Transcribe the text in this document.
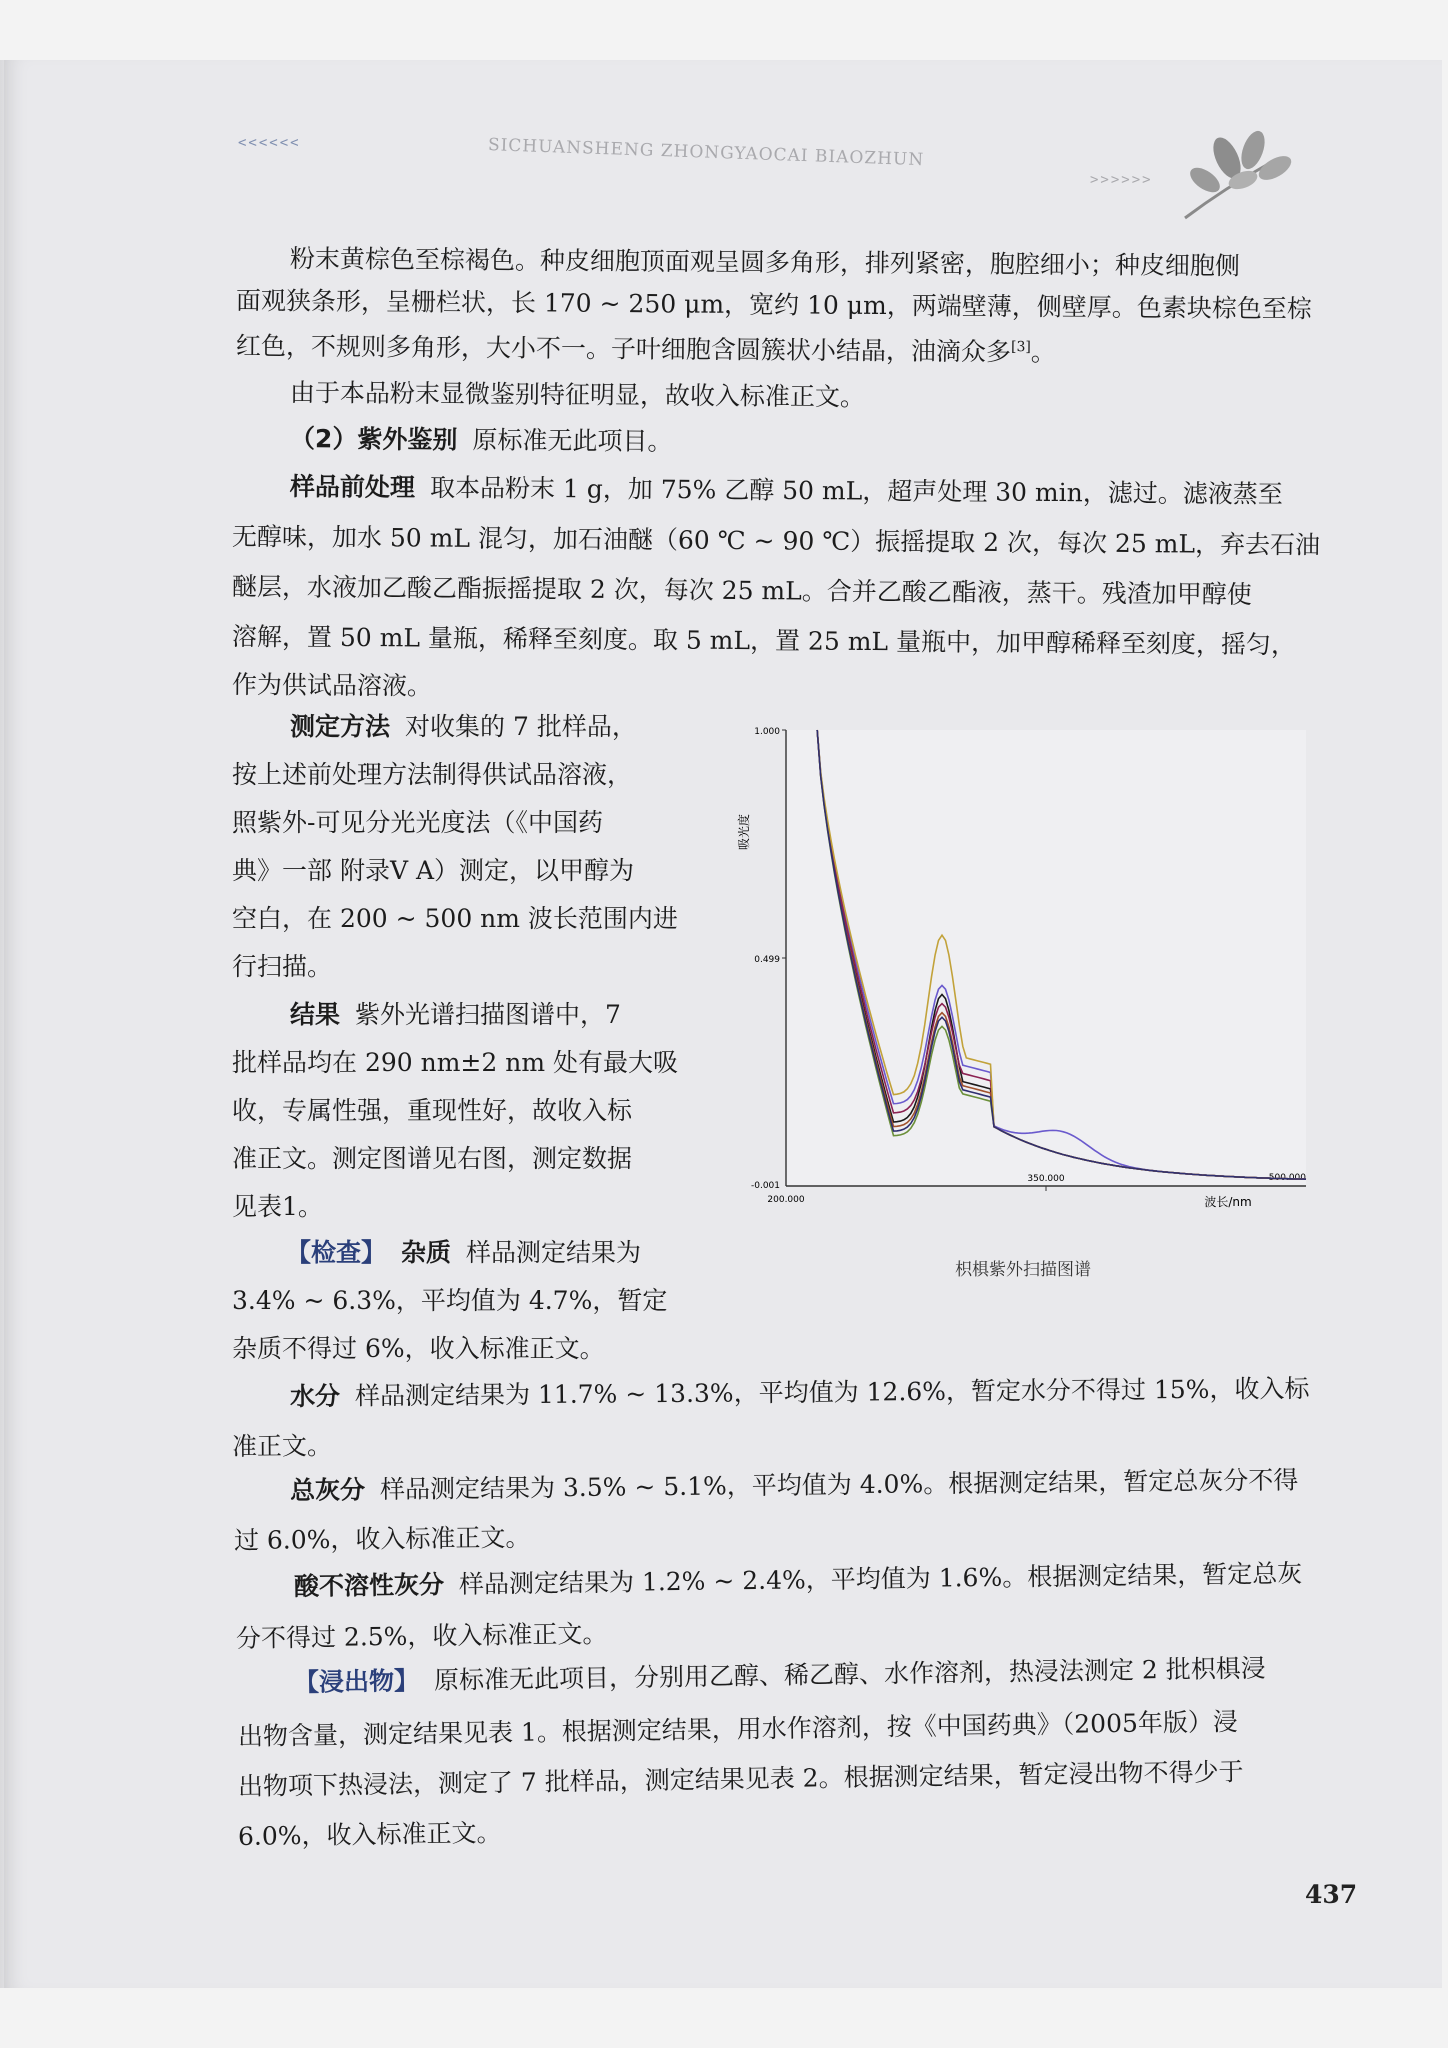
<<<<<<	SICHUANSHENG ZHONGYAOCAI BIAOZHUN
>>>>>>
粉末黄棕色至棕褐色。种皮细胞顶面观呈圆多角形，排列紧密，胞腔细小；种皮细胞侧
面观狭条形，呈栅栏状，长 170 ~ 250 μm，宽约 10 μm，两端壁薄，侧壁厚。色素块棕色至棕
红色，不规则多角形，大小不一。子叶细胞含圆簇状小结晶，油滴众多[3]。
由于本品粉末显微鉴别特征明显，故收入标准正文。
（2）紫外鉴别 原标准无此项目。
样品前处理 取本品粉末 1 g，加 75% 乙醇 50 mL，超声处理 30 min，滤过。滤液蒸至
无醇味，加水 50 mL 混匀，加石油醚（60 ℃ ~ 90 ℃）振摇提取 2 次，每次 25 mL，弃去石油
醚层，水液加乙酸乙酯振摇提取 2 次，每次 25 mL。合并乙酸乙酯液，蒸干。残渣加甲醇使
溶解，置 50 mL 量瓶，稀释至刻度。取 5 mL，置 25 mL 量瓶中，加甲醇稀释至刻度，摇匀，
作为供试品溶液。
测定方法 对收集的 7 批样品，
按上述前处理方法制得供试品溶液，
照紫外-可见分光光度法（《中国药
典》一部 附录V A）测定，以甲醇为
空白，在 200 ~ 500 nm 波长范围内进
行扫描。
结果 紫外光谱扫描图谱中，7
批样品均在 290 nm±2 nm 处有最大吸
收，专属性强，重现性好，故收入标
准正文。测定图谱见右图，测定数据
见表1。
【检查】 杂质 样品测定结果为
3.4% ~ 6.3%，平均值为 4.7%，暂定
杂质不得过 6%，收入标准正文。
水分 样品测定结果为 11.7% ~ 13.3%，平均值为 12.6%，暂定水分不得过 15%，收入标
准正文。
总灰分 样品测定结果为 3.5% ~ 5.1%，平均值为 4.0%。根据测定结果，暂定总灰分不得
过 6.0%，收入标准正文。
酸不溶性灰分 样品测定结果为 1.2% ~ 2.4%，平均值为 1.6%。根据测定结果，暂定总灰
分不得过 2.5%，收入标准正文。
【浸出物】 原标准无此项目，分别用乙醇、稀乙醇、水作溶剂，热浸法测定 2 批枳椇浸
出物含量，测定结果见表 1。根据测定结果，用水作溶剂，按《中国药典》（2005年版）浸
出物项下热浸法，测定了 7 批样品，测定结果见表 2。根据测定结果，暂定浸出物不得少于
6.0%，收入标准正文。
1.000
0.499
-0.001
200.000
350.000	500.000
波长/nm
吸光度
枳椇紫外扫描图谱
437
